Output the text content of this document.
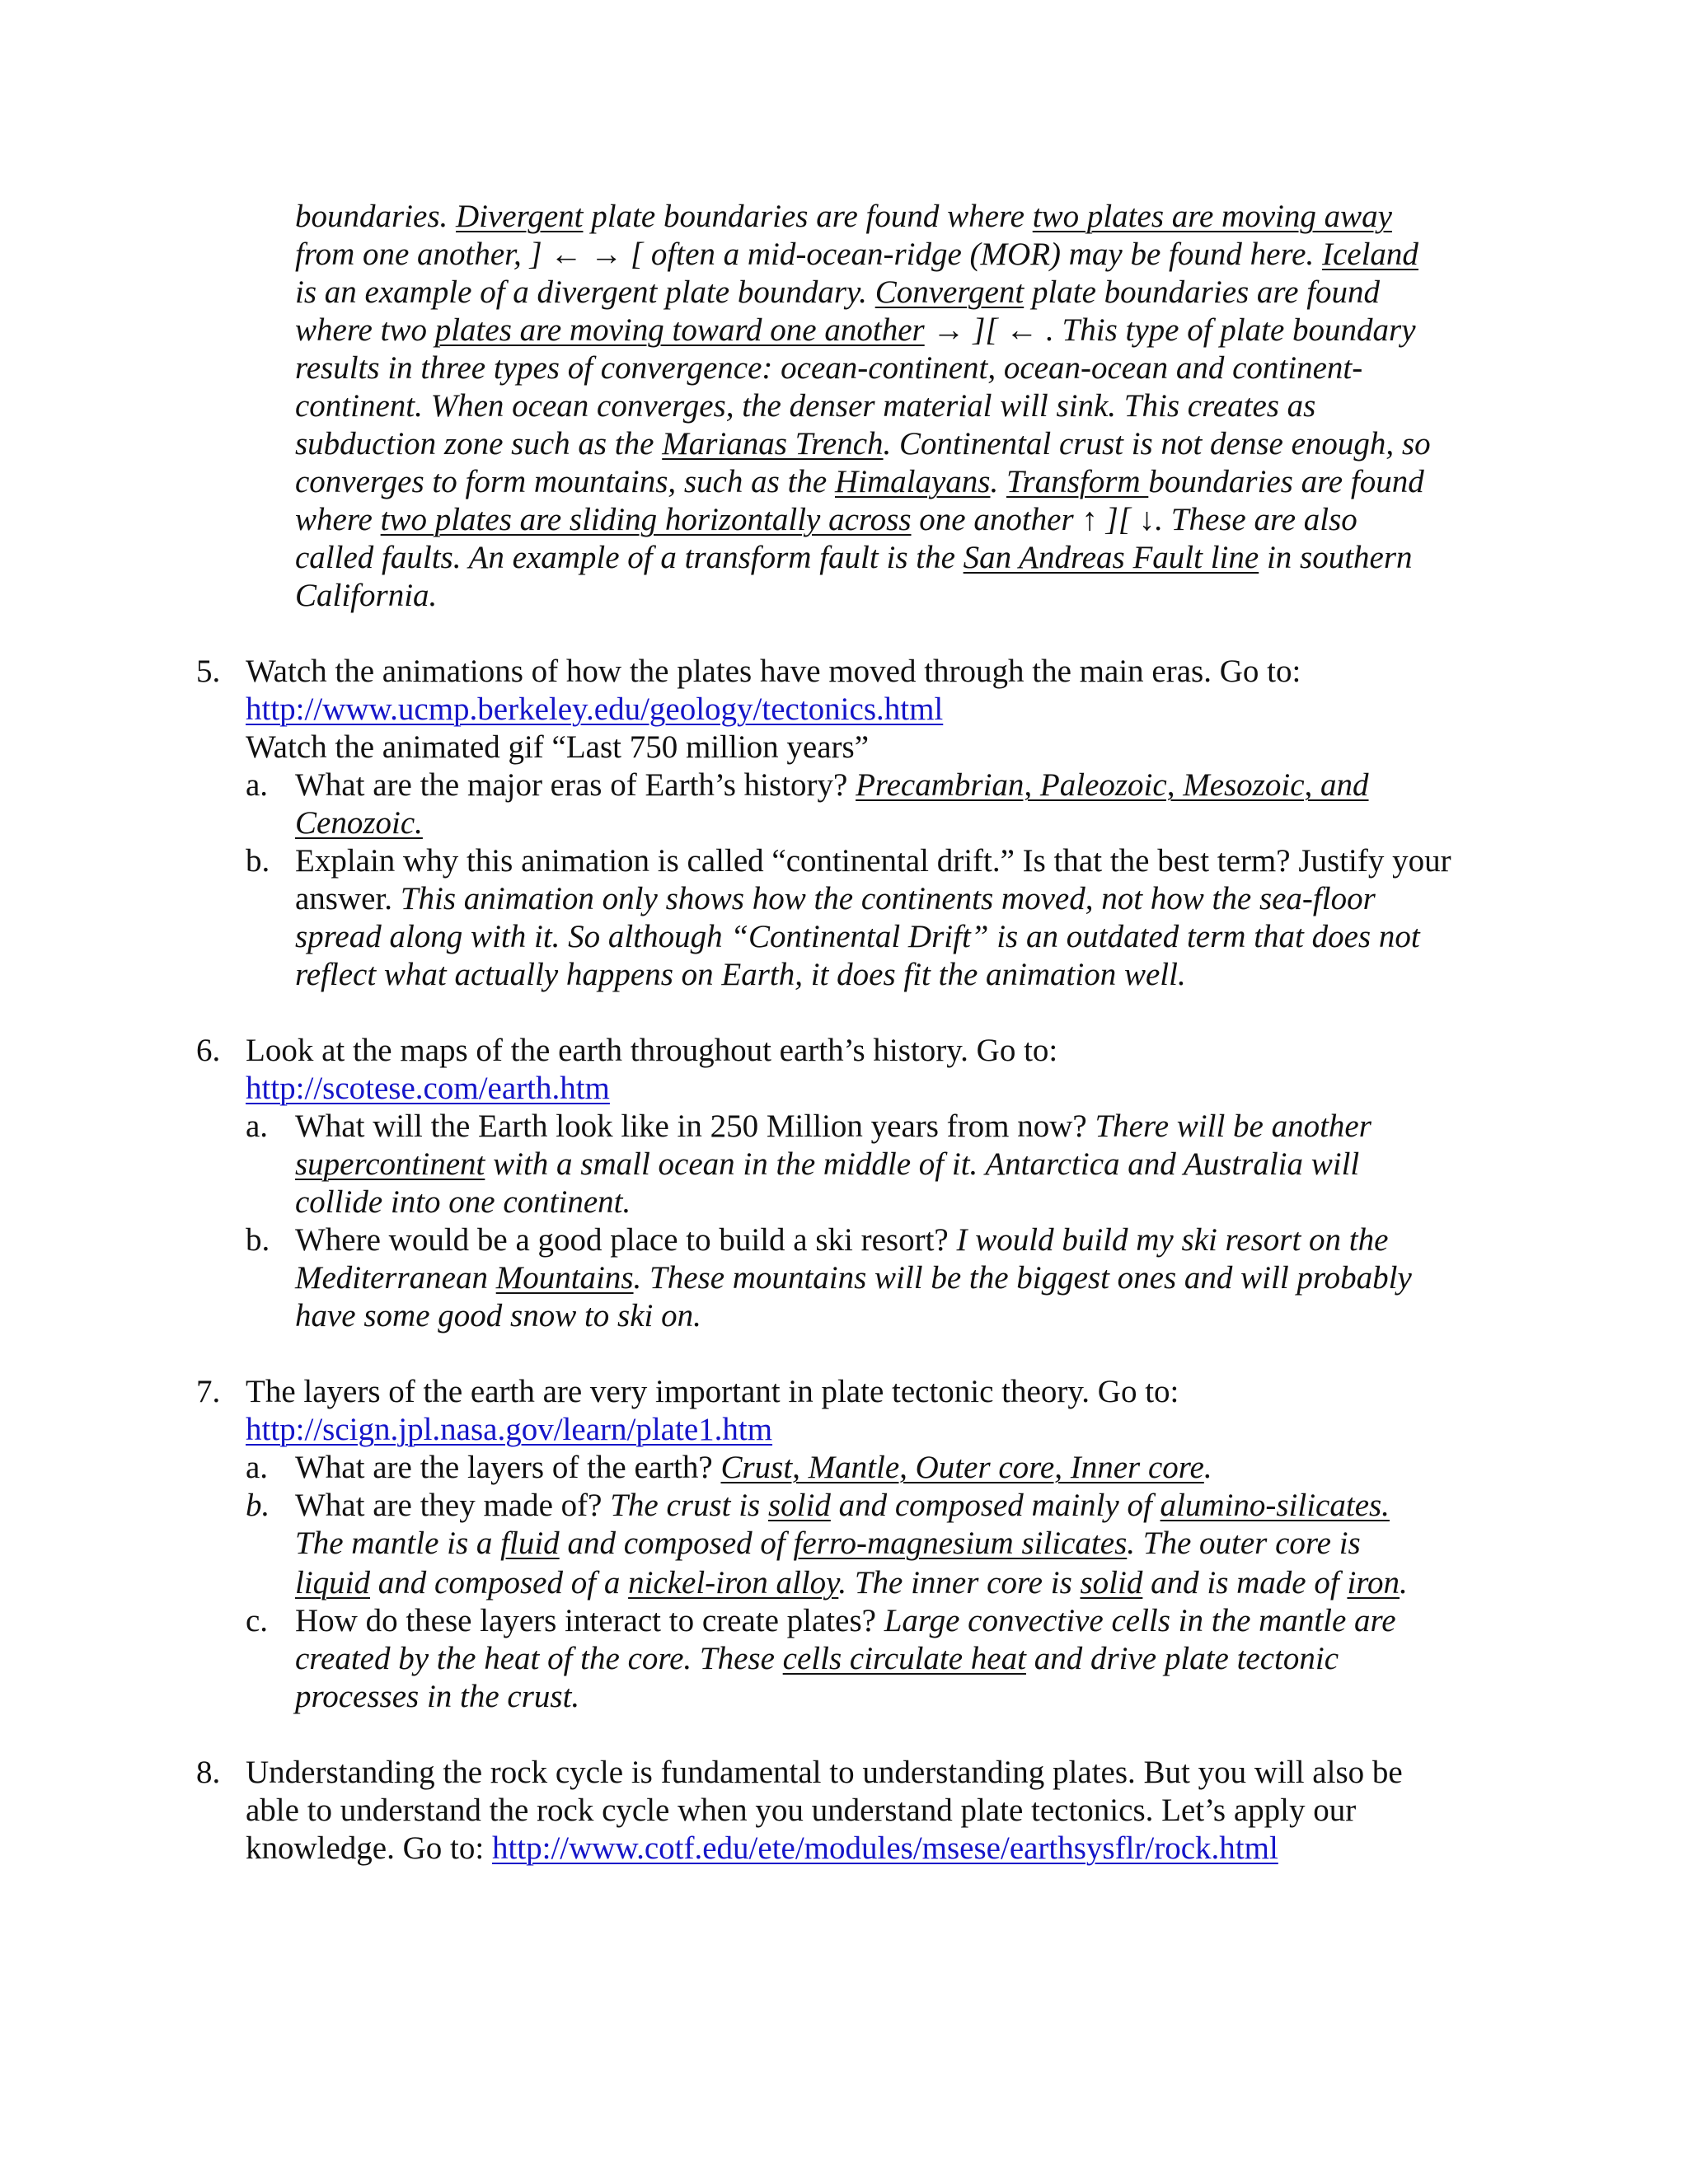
boundaries. Divergent plate boundaries are found where two plates are moving away
from one another, ] ← → [ often a mid-ocean-ridge (MOR) may be found here. Iceland
is an example of a divergent plate boundary. Convergent plate boundaries are found
where two plates are moving toward one another → ][ ← . This type of plate boundary
results in three types of convergence: ocean-continent, ocean-ocean and continent-
continent. When ocean converges, the denser material will sink. This creates as
subduction zone such as the Marianas Trench. Continental crust is not dense enough, so
converges to form mountains, such as the Himalayans. Transform boundaries are found
where two plates are sliding horizontally across one another ↑ ][ ↓. These are also
called faults. An example of a transform fault is the San Andreas Fault line in southern
California.
5. Watch the animations of how the plates have moved through the main eras. Go to:
http://www.ucmp.berkeley.edu/geology/tectonics.html
Watch the animated gif “Last 750 million years”
a. What are the major eras of Earth’s history? Precambrian, Paleozoic, Mesozoic, and
Cenozoic.
b. Explain why this animation is called “continental drift.” Is that the best term? Justify your
answer. This animation only shows how the continents moved, not how the sea-floor
spread along with it. So although “Continental Drift” is an outdated term that does not
reflect what actually happens on Earth, it does fit the animation well.
6. Look at the maps of the earth throughout earth’s history. Go to:
http://scotese.com/earth.htm
a. What will the Earth look like in 250 Million years from now? There will be another
supercontinent with a small ocean in the middle of it. Antarctica and Australia will
collide into one continent.
b. Where would be a good place to build a ski resort? I would build my ski resort on the
Mediterranean Mountains. These mountains will be the biggest ones and will probably
have some good snow to ski on.
7. The layers of the earth are very important in plate tectonic theory. Go to:
http://scign.jpl.nasa.gov/learn/plate1.htm
a. What are the layers of the earth? Crust, Mantle, Outer core, Inner core.
b. What are they made of? The crust is solid and composed mainly of alumino-silicates.
The mantle is a fluid and composed of ferro-magnesium silicates. The outer core is
liquid and composed of a nickel-iron alloy. The inner core is solid and is made of iron.
c. How do these layers interact to create plates? Large convective cells in the mantle are
created by the heat of the core. These cells circulate heat and drive plate tectonic
processes in the crust.
8. Understanding the rock cycle is fundamental to understanding plates. But you will also be
able to understand the rock cycle when you understand plate tectonics. Let’s apply our
knowledge. Go to: http://www.cotf.edu/ete/modules/msese/earthsysflr/rock.html
